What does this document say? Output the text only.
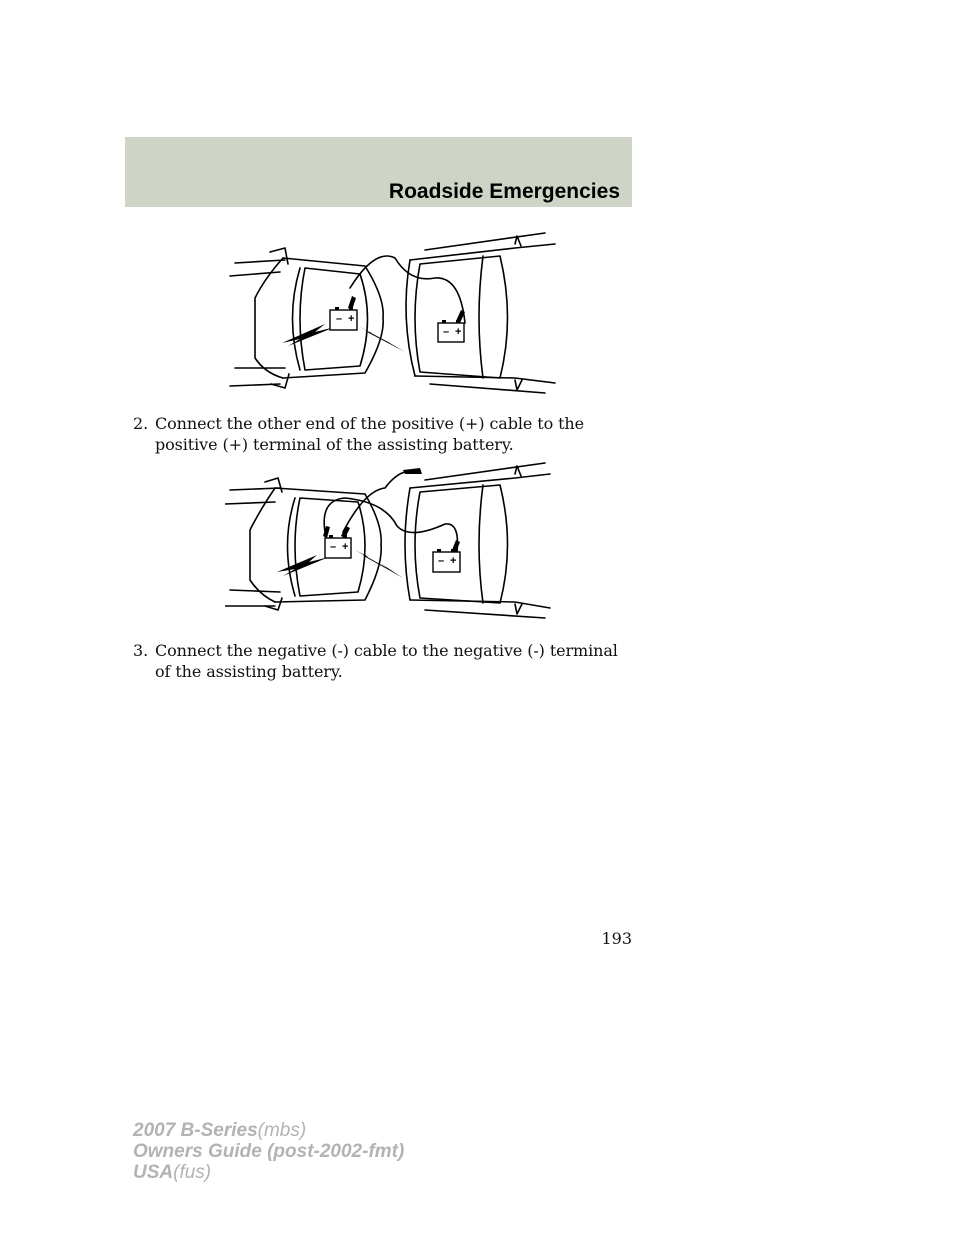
Roadside Emergencies
– +
– +

2. Connect the other end of the positive (+) cable to the positive (+) terminal of the assisting battery.

– +
– +

3. Connect the negative (-) cable to the negative (-) terminal of the assisting battery.

193
2007 B-Series(mbs)
Owners Guide (post-2002-fmt)
USA(fus)
